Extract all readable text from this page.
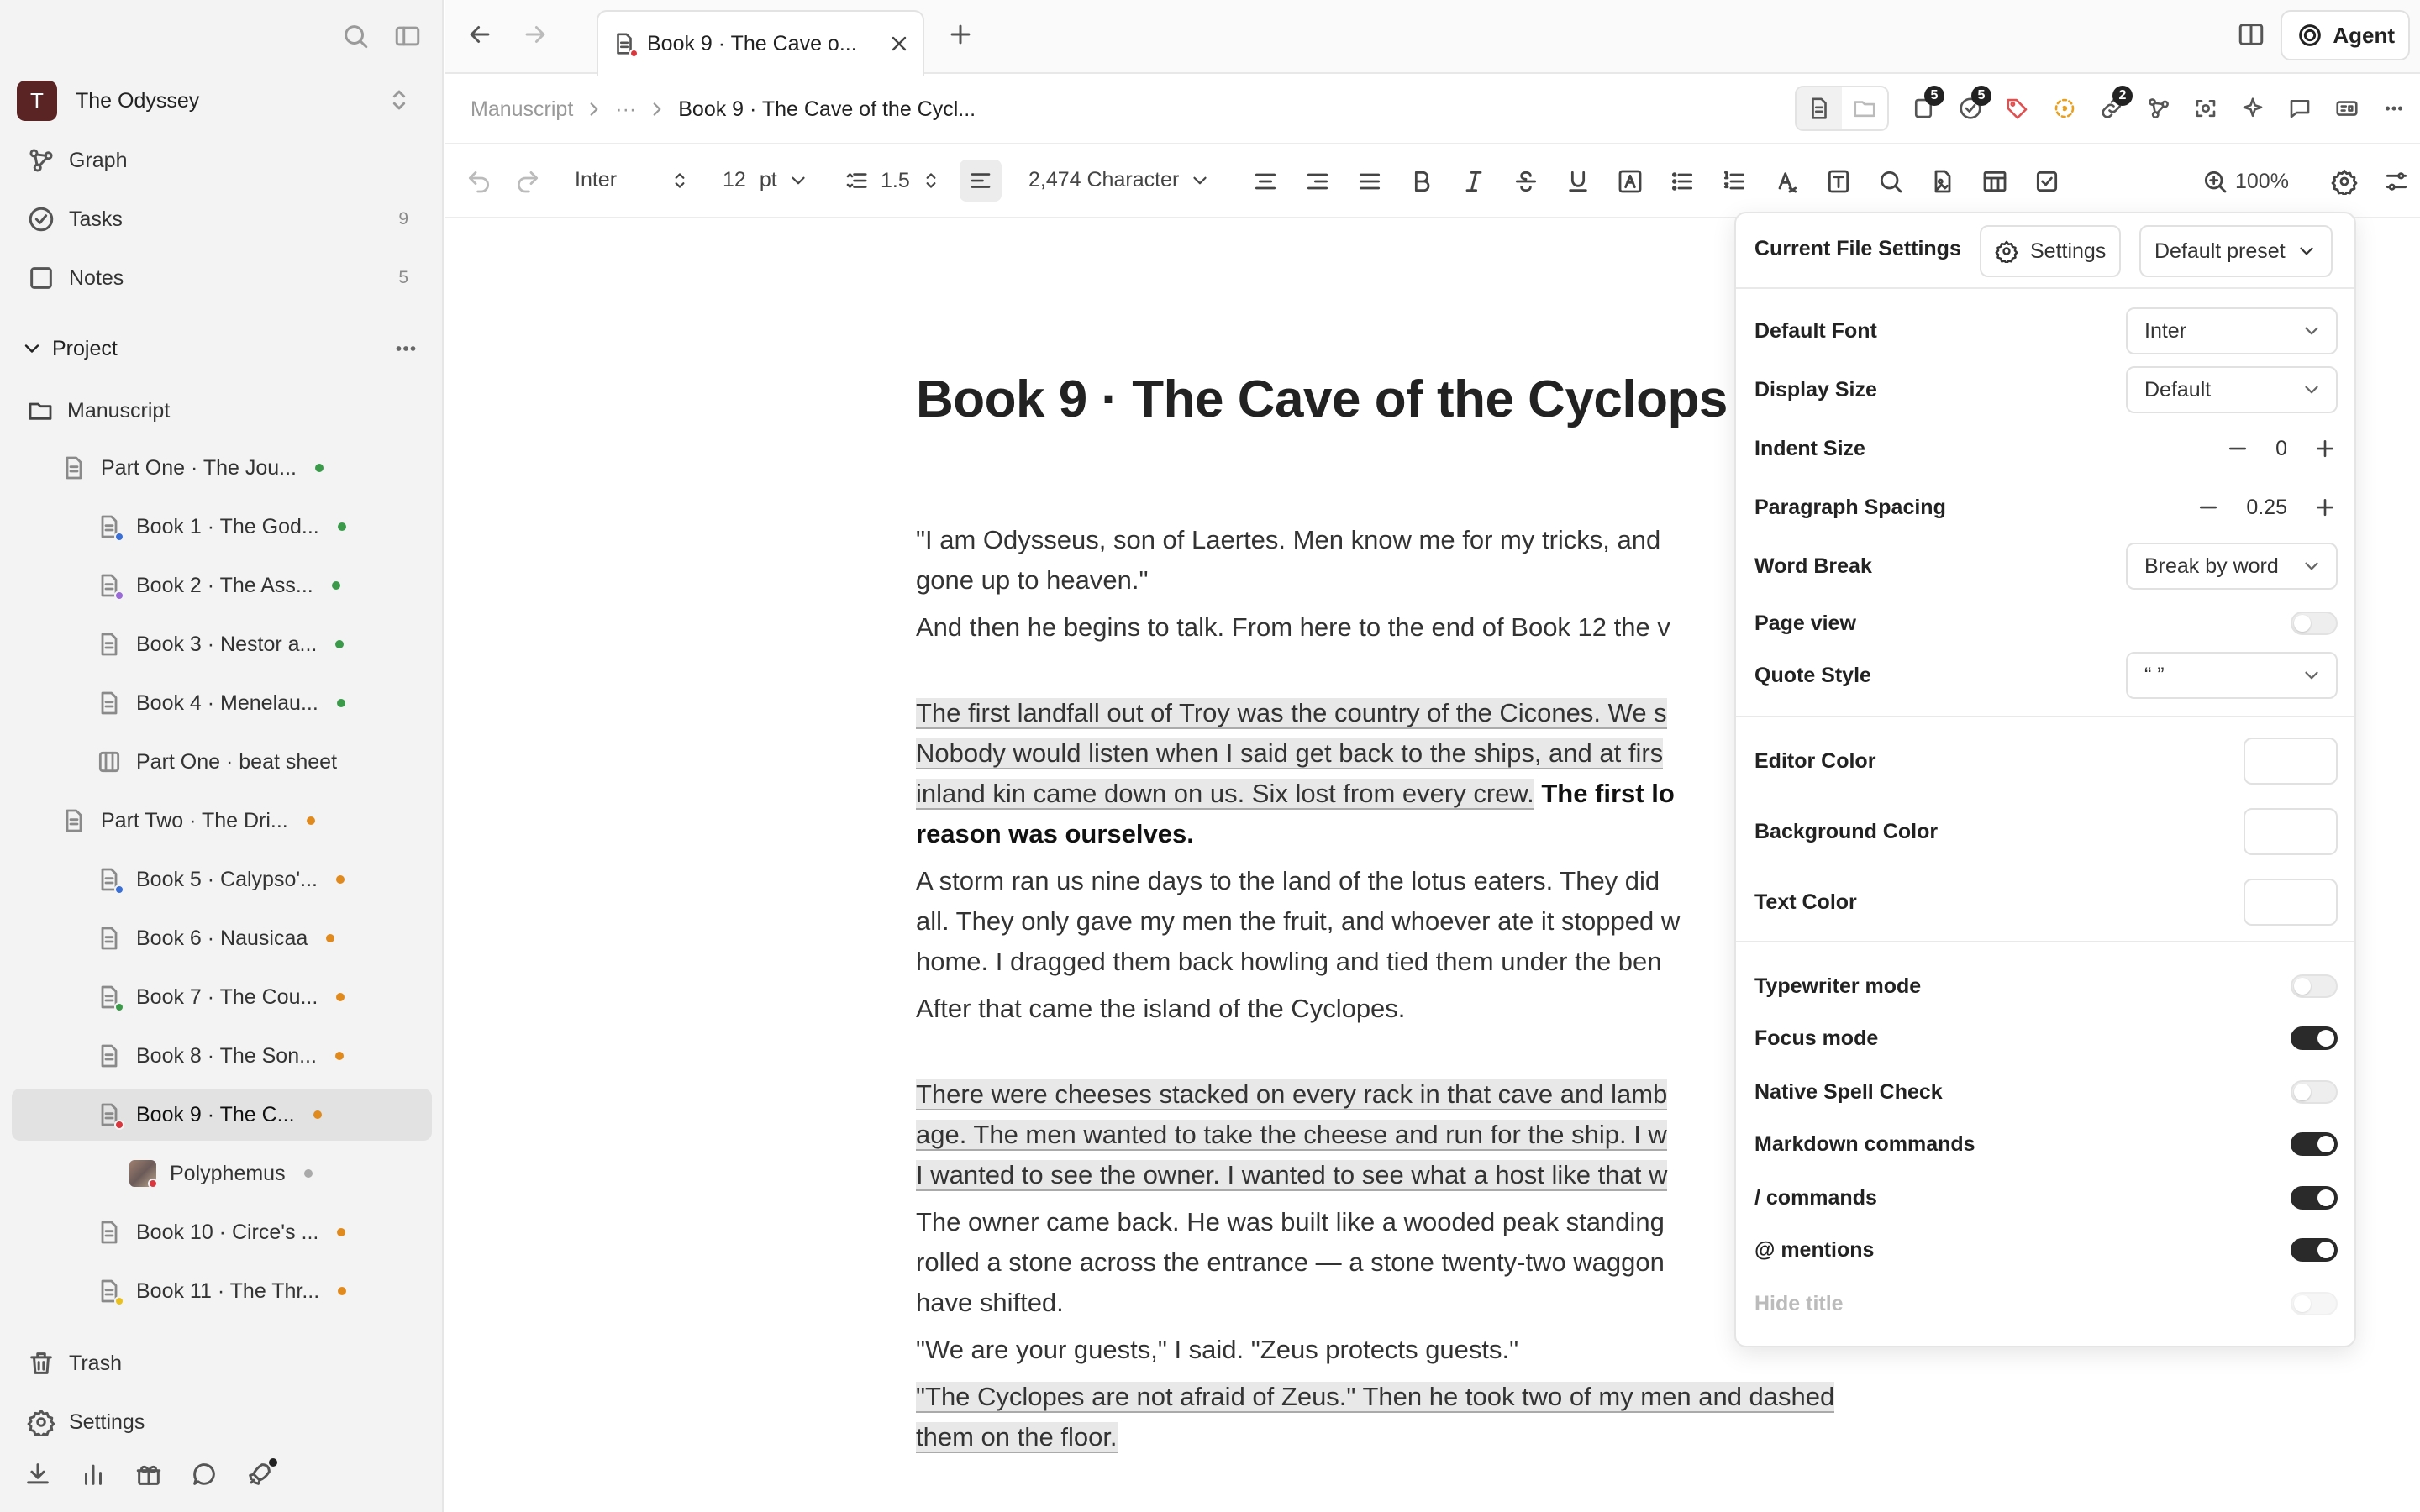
T	The Odyssey
Graph
Tasks	9
Notes	5
Project
Manuscript
Part One · The Jou...
Book 1 · The God...
Book 2 · The Ass...
Book 3 · Nestor a...
Book 4 · Menelau...
Part One · beat sheet
Part Two · The Dri...
Book 5 · Calypso'...
Book 6 · Nausicaa
Book 7 · The Cou...
Book 8 · The Son...
Book 9 · The C...
Polyphemus
Book 10 · Circe's ...
Book 11 · The Thr...
Trash
Settings
Book 9 · The Cave o...	Agent
Manuscript ··· Book 9 · The Cave of the Cycl...
5	5	2
Inter	12 pt	1.5	2,474 Character	100%
Book 9 · The Cave of the Cyclops
"I am Odysseus, son of Laertes. Men know me for my tricks, and
gone up to heaven."
And then he begins to talk. From here to the end of Book 12 the v
The first landfall out of Troy was the country of the Cicones. We s
Nobody would listen when I said get back to the ships, and at firs
inland kin came down on us. Six lost from every crew. The first lo
reason was ourselves.
A storm ran us nine days to the land of the lotus eaters. They did
all. They only gave my men the fruit, and whoever ate it stopped w
home. I dragged them back howling and tied them under the ben
After that came the island of the Cyclopes.
There were cheeses stacked on every rack in that cave and lamb
age. The men wanted to take the cheese and run for the ship. I w
I wanted to see the owner. I wanted to see what a host like that w
The owner came back. He was built like a wooded peak standing
rolled a stone across the entrance — a stone twenty-two waggon
have shifted.
"We are your guests," I said. "Zeus protects guests."
"The Cyclopes are not afraid of Zeus." Then he took two of my men and dashed
them on the floor.
Current File Settings	Settings Default preset
Default Font	Inter
Display Size	Default
Indent Size	0
Paragraph Spacing	0.25
Word Break	Break by word
Page view
Quote Style	“ ”
Editor Color
Background Color
Text Color
Typewriter mode
Focus mode
Native Spell Check
Markdown commands
/ commands
@ mentions
Hide title
